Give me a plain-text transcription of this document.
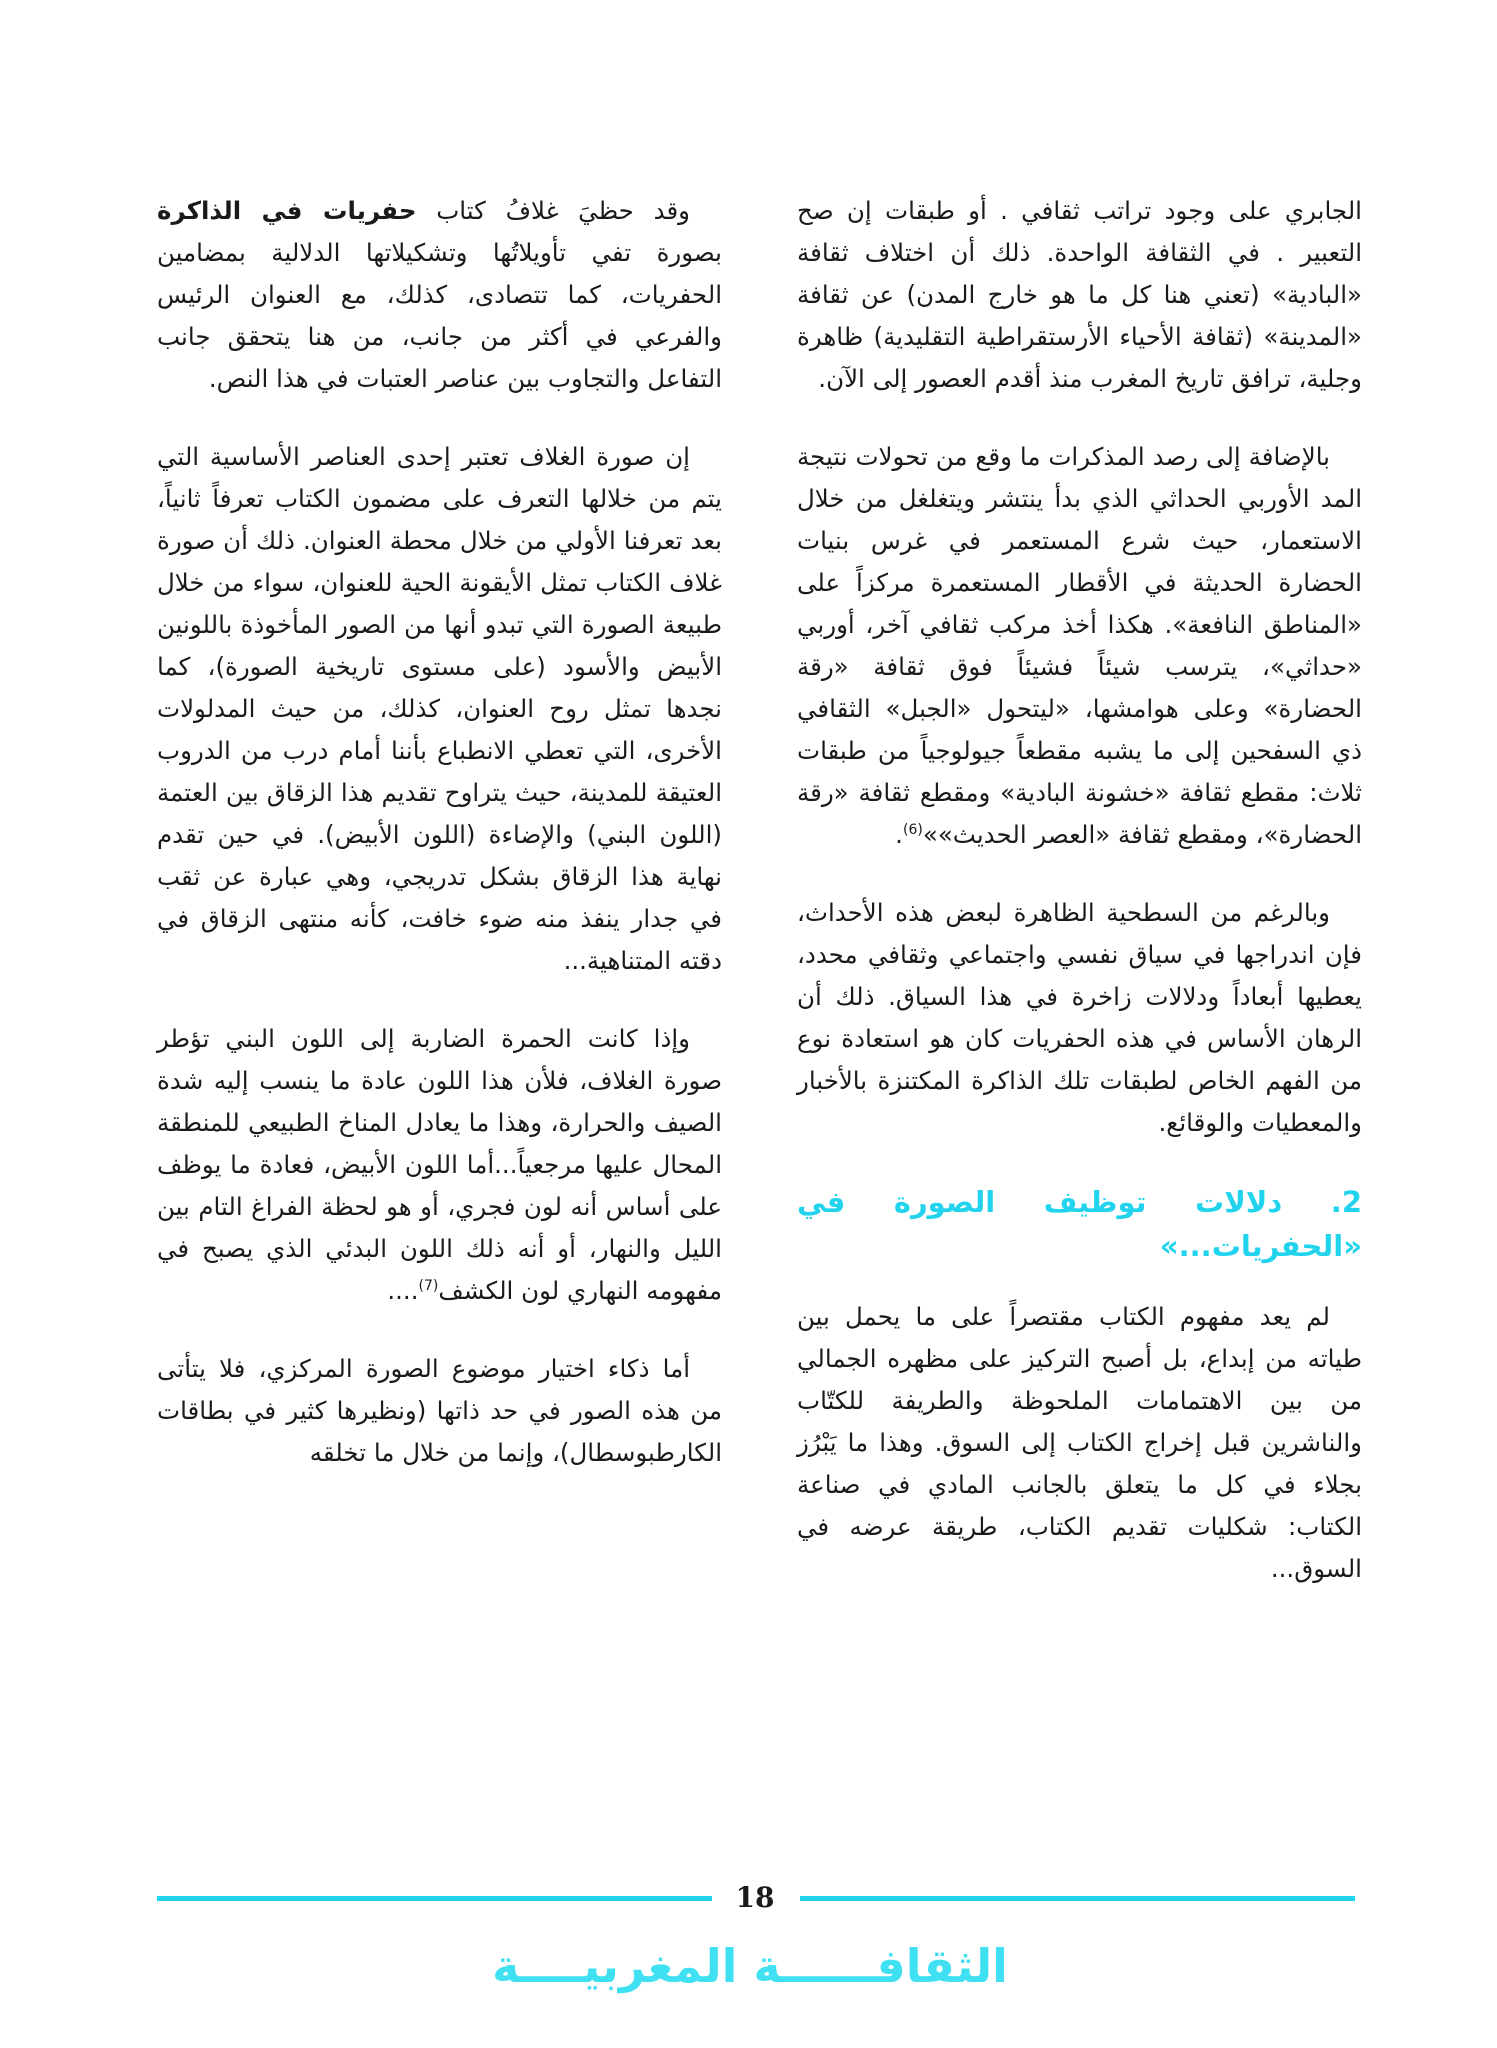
الجابري على وجود تراتب ثقافي . أو طبقات إن صح التعبير . في الثقافة الواحدة. ذلك أن اختلاف ثقافة «البادية» (تعني هنا كل ما هو خارج المدن) عن ثقافة «المدينة» (ثقافة الأحياء الأرستقراطية التقليدية) ظاهرة وجلية، ترافق تاريخ المغرب منذ أقدم العصور إلى الآن.

بالإضافة إلى رصد المذكرات ما وقع من تحولات نتيجة المد الأوربي الحداثي الذي بدأ ينتشر ويتغلغل من خلال الاستعمار، حيث شرع المستعمر في غرس بنيات الحضارة الحديثة في الأقطار المستعمرة مركزاً على «المناطق النافعة». هكذا أخذ مركب ثقافي آخر، أوربي «حداثي»، يترسب شيئاً فشيئاً فوق ثقافة «رقة الحضارة» وعلى هوامشها، «ليتحول «الجبل» الثقافي ذي السفحين إلى ما يشبه مقطعاً جيولوجياً من طبقات ثلاث: مقطع ثقافة «خشونة البادية» ومقطع ثقافة «رقة الحضارة»، ومقطع ثقافة «العصر الحديث»»$^{(6)}$.

وبالرغم من السطحية الظاهرة لبعض هذه الأحداث، فإن اندراجها في سياق نفسي واجتماعي وثقافي محدد، يعطيها أبعاداً ودلالات زاخرة في هذا السياق. ذلك أن الرهان الأساس في هذه الحفريات كان هو استعادة نوع من الفهم الخاص لطبقات تلك الذاكرة المكتنزة بالأخبار والمعطيات والوقائع.

2. دلالات توظيف الصورة في «الحفريات...»

لم يعد مفهوم الكتاب مقتصراً على ما يحمل بين طياته من إبداع، بل أصبح التركيز على مظهره الجمالي من بين الاهتمامات الملحوظة والطريفة للكتّاب والناشرين قبل إخراج الكتاب إلى السوق. وهذا ما يَبْرُز بجلاء في كل ما يتعلق بالجانب المادي في صناعة الكتاب: شكليات تقديم الكتاب، طريقة عرضه في السوق...

وقد حظيَ غلافُ كتاب حفريات في الذاكرة بصورة تفي تأويلاتُها وتشكيلاتها الدلالية بمضامين الحفريات، كما تتصادى، كذلك، مع العنوان الرئيس والفرعي في أكثر من جانب، من هنا يتحقق جانب التفاعل والتجاوب بين عناصر العتبات في هذا النص.

إن صورة الغلاف تعتبر إحدى العناصر الأساسية التي يتم من خلالها التعرف على مضمون الكتاب تعرفاً ثانياً، بعد تعرفنا الأولي من خلال محطة العنوان. ذلك أن صورة غلاف الكتاب تمثل الأيقونة الحية للعنوان، سواء من خلال طبيعة الصورة التي تبدو أنها من الصور المأخوذة باللونين الأبيض والأسود (على مستوى تاريخية الصورة)، كما نجدها تمثل روح العنوان، كذلك، من حيث المدلولات الأخرى، التي تعطي الانطباع بأننا أمام درب من الدروب العتيقة للمدينة، حيث يتراوح تقديم هذا الزقاق بين العتمة (اللون البني) والإضاءة (اللون الأبيض). في حين تقدم نهاية هذا الزقاق بشكل تدريجي، وهي عبارة عن ثقب في جدار ينفذ منه ضوء خافت، كأنه منتهى الزقاق في دقته المتناهية...

وإذا كانت الحمرة الضاربة إلى اللون البني تؤطر صورة الغلاف، فلأن هذا اللون عادة ما ينسب إليه شدة الصيف والحرارة، وهذا ما يعادل المناخ الطبيعي للمنطقة المحال عليها مرجعياً...أما اللون الأبيض، فعادة ما يوظف على أساس أنه لون فجري، أو هو لحظة الفراغ التام بين الليل والنهار، أو أنه ذلك اللون البدئي الذي يصبح في مفهومه النهاري لون الكشف$^{(7)}$....

أما ذكاء اختيار موضوع الصورة المركزي، فلا يتأتى من هذه الصور في حد ذاتها (ونظيرها كثير في بطاقات الكارطبوسطال)، وإنما من خلال ما تخلقه

18
الثقافــــــة المغربيــــة
